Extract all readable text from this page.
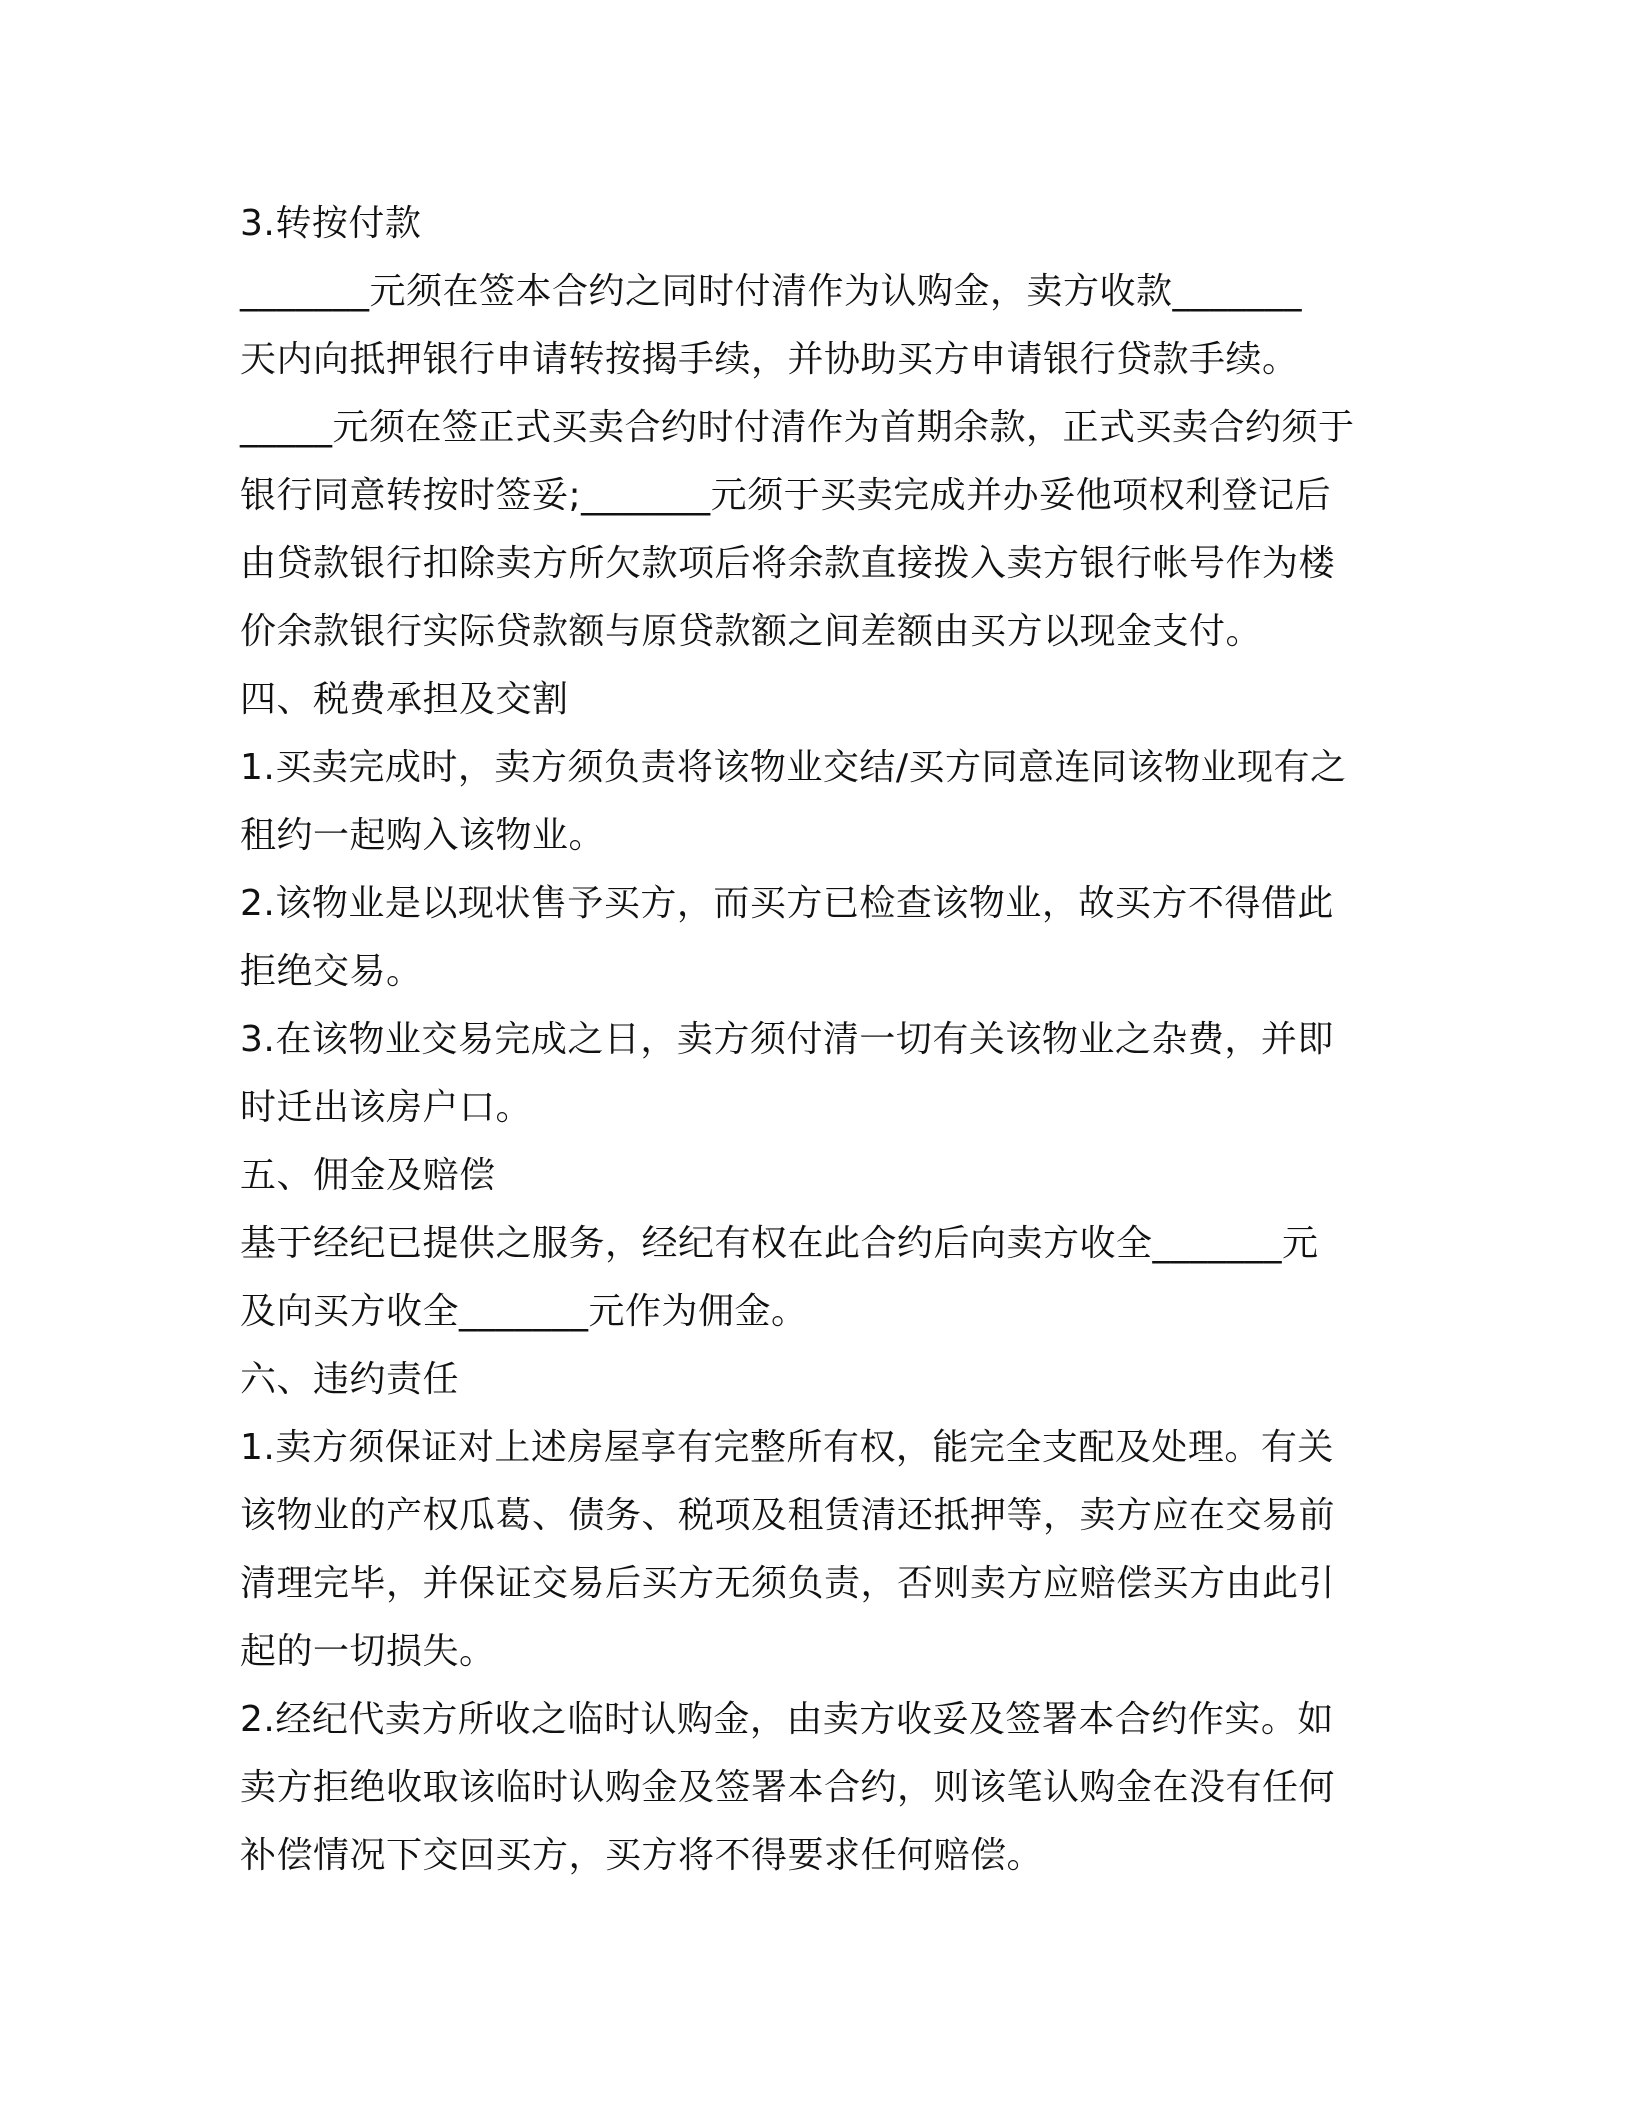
3.转按付款
_______元须在签本合约之同时付清作为认购金，卖方收款_______
天内向抵押银行申请转按揭手续，并协助买方申请银行贷款手续。
_____元须在签正式买卖合约时付清作为首期余款，正式买卖合约须于
银行同意转按时签妥;_______元须于买卖完成并办妥他项权利登记后
由贷款银行扣除卖方所欠款项后将余款直接拨入卖方银行帐号作为楼
价余款银行实际贷款额与原贷款额之间差额由买方以现金支付。
四、税费承担及交割
1.买卖完成时，卖方须负责将该物业交结/买方同意连同该物业现有之
租约一起购入该物业。
2.该物业是以现状售予买方，而买方已检查该物业，故买方不得借此
拒绝交易。
3.在该物业交易完成之日，卖方须付清一切有关该物业之杂费，并即
时迁出该房户口。
五、佣金及赔偿
基于经纪已提供之服务，经纪有权在此合约后向卖方收全_______元
及向买方收全_______元作为佣金。
六、违约责任
1.卖方须保证对上述房屋享有完整所有权，能完全支配及处理。有关
该物业的产权瓜葛、债务、税项及租赁清还抵押等，卖方应在交易前
清理完毕，并保证交易后买方无须负责，否则卖方应赔偿买方由此引
起的一切损失。
2.经纪代卖方所收之临时认购金，由卖方收妥及签署本合约作实。如
卖方拒绝收取该临时认购金及签署本合约，则该笔认购金在没有任何
补偿情况下交回买方，买方将不得要求任何赔偿。
